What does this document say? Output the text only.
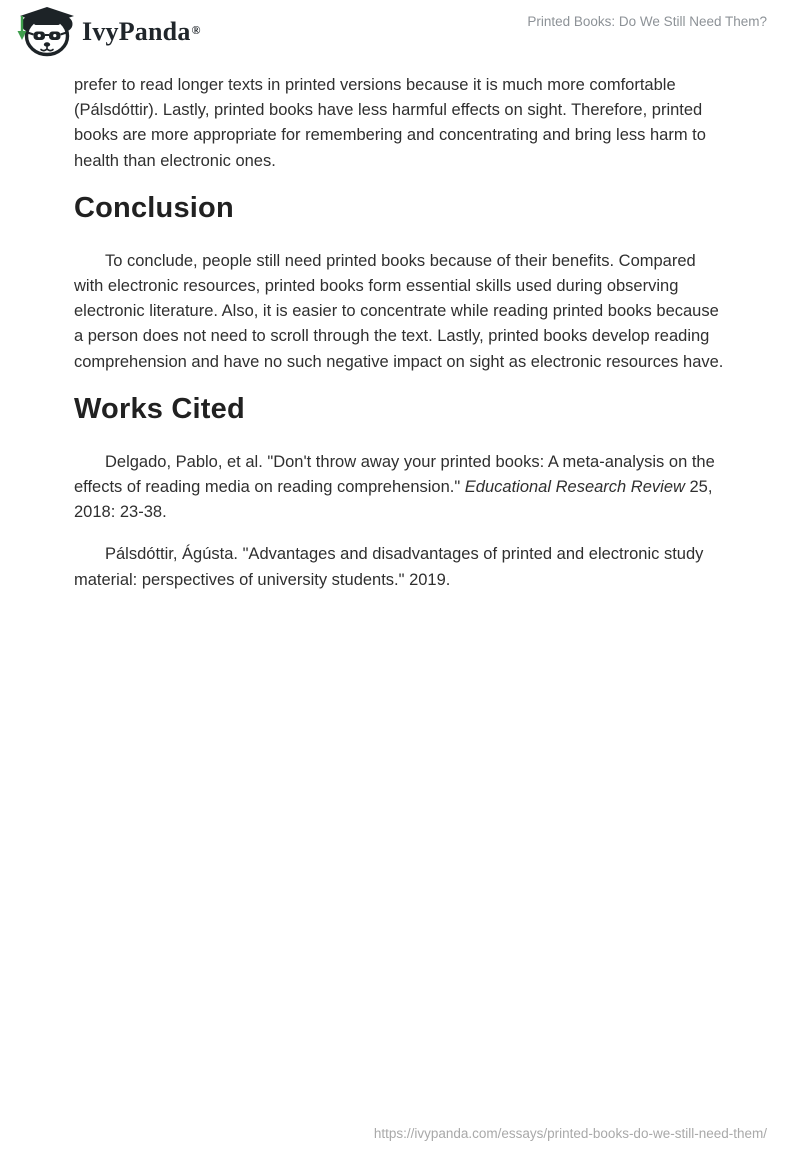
IvyPanda®
Printed Books: Do We Still Need Them?

prefer to read longer texts in printed versions because it is much more comfortable (Pálsdóttir). Lastly, printed books have less harmful effects on sight. Therefore, printed books are more appropriate for remembering and concentrating and bring less harm to health than electronic ones.

Conclusion

To conclude, people still need printed books because of their benefits. Compared with electronic resources, printed books form essential skills used during observing electronic literature. Also, it is easier to concentrate while reading printed books because a person does not need to scroll through the text. Lastly, printed books develop reading comprehension and have no such negative impact on sight as electronic resources have.

Works Cited

Delgado, Pablo, et al. "Don't throw away your printed books: A meta-analysis on the effects of reading media on reading comprehension." Educational Research Review 25, 2018: 23-38.

Pálsdóttir, Ágústa. "Advantages and disadvantages of printed and electronic study material: perspectives of university students." 2019.

https://ivypanda.com/essays/printed-books-do-we-still-need-them/
